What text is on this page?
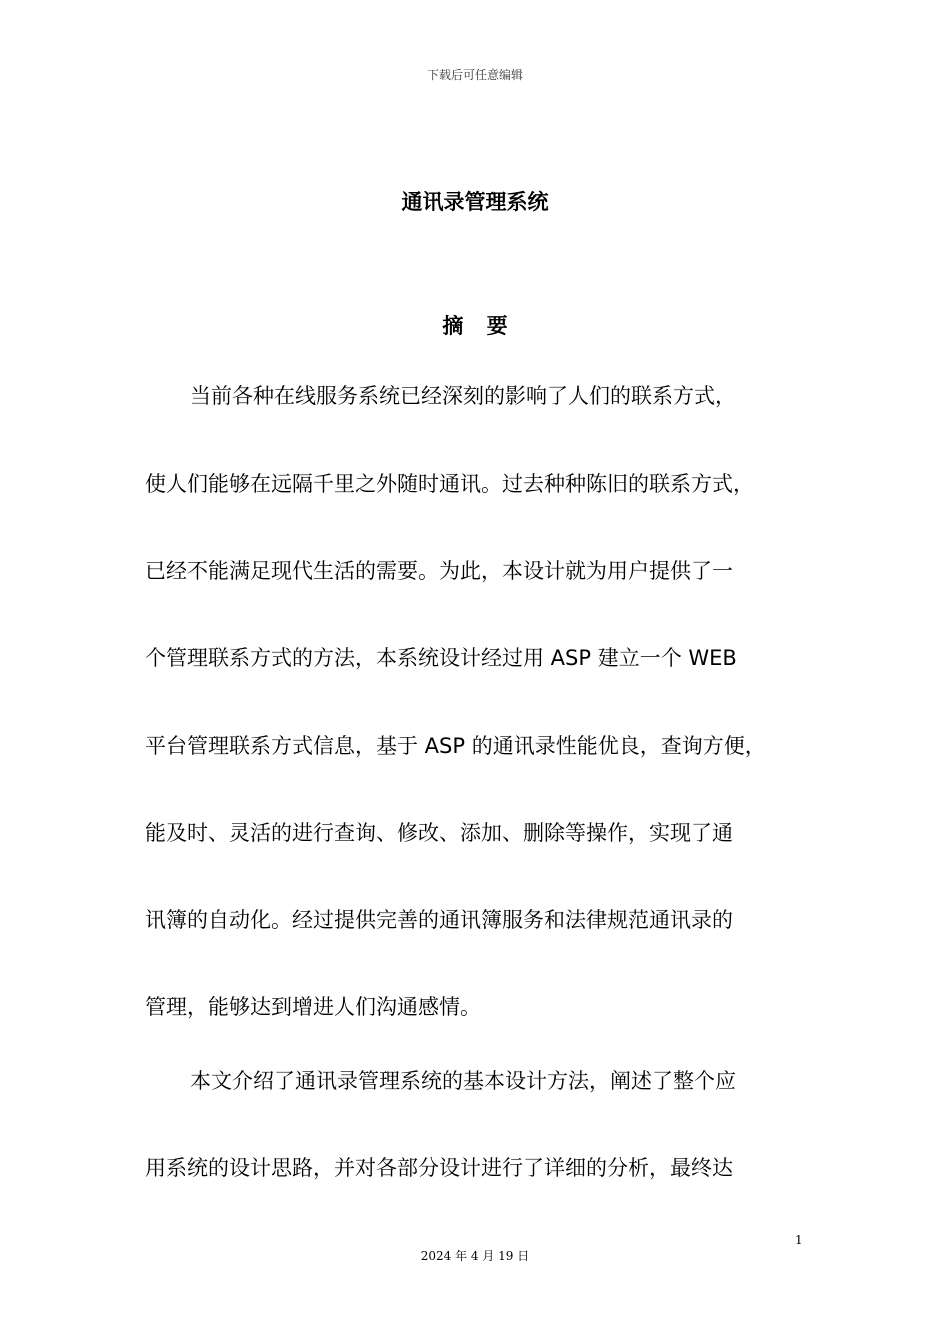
下载后可任意编辑
通讯录管理系统
摘 要
当前各种在线服务系统已经深刻的影响了人们的联系方式，
使人们能够在远隔千里之外随时通讯。过去种种陈旧的联系方式，
已经不能满足现代生活的需要。为此，本设计就为用户提供了一
个管理联系方式的方法，本系统设计经过用 ASP 建立一个 WEB
平台管理联系方式信息，基于 ASP 的通讯录性能优良，查询方便，
能及时、灵活的进行查询、修改、添加、删除等操作，实现了通
讯簿的自动化。经过提供完善的通讯簿服务和法律规范通讯录的
管理，能够达到增进人们沟通感情。
本文介绍了通讯录管理系统的基本设计方法，阐述了整个应
用系统的设计思路，并对各部分设计进行了详细的分析，最终达
1
2024 年 4 月 19 日
